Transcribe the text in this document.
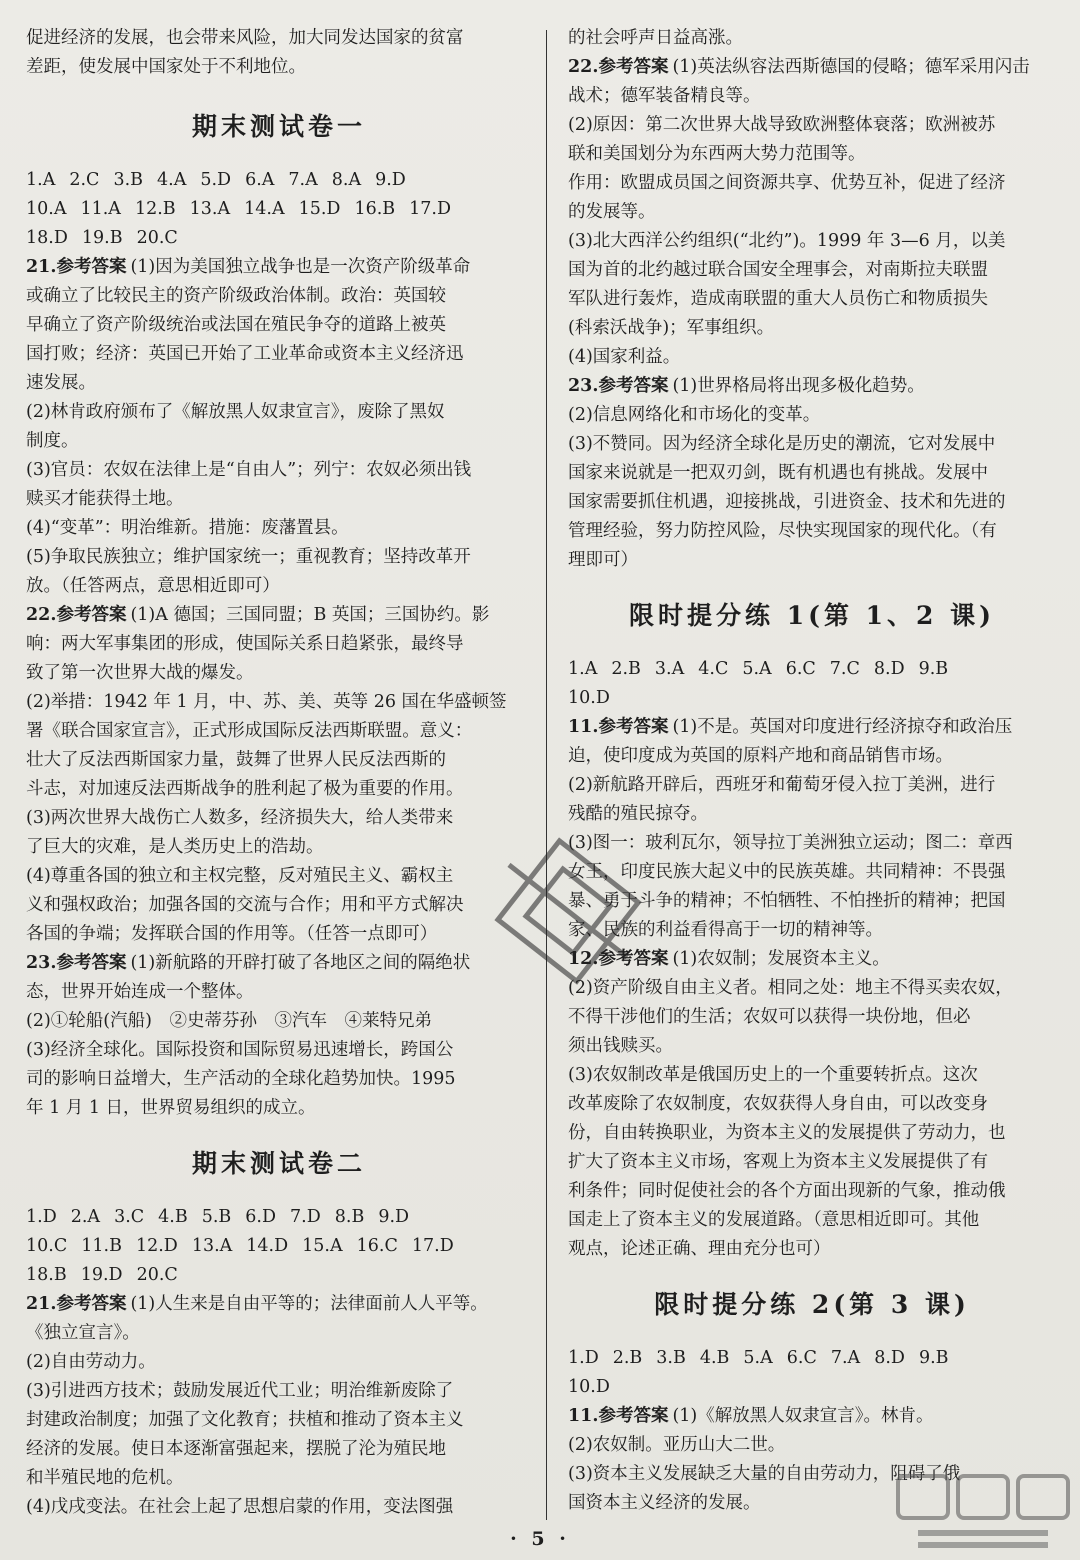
促进经济的发展，也会带来风险，加大同发达国家的贫富
差距，使发展中国家处于不利地位。
期末测试卷一
1.A 2.C 3.B 4.A 5.D 6.A 7.A 8.A 9.D
10.A 11.A 12.B 13.A 14.A 15.D 16.B 17.D
18.D 19.B 20.C
21.参考答案 (1)因为美国独立战争也是一次资产阶级革命
或确立了比较民主的资产阶级政治体制。政治：英国较
早确立了资产阶级统治或法国在殖民争夺的道路上被英
国打败；经济：英国已开始了工业革命或资本主义经济迅
速发展。
(2)林肯政府颁布了《解放黑人奴隶宣言》，废除了黑奴
制度。
(3)官员：农奴在法律上是“自由人”；列宁：农奴必须出钱
赎买才能获得土地。
(4)“变革”：明治维新。措施：废藩置县。
(5)争取民族独立；维护国家统一；重视教育；坚持改革开
放。（任答两点，意思相近即可）
22.参考答案 (1)A 德国；三国同盟；B 英国；三国协约。影
响：两大军事集团的形成，使国际关系日趋紧张，最终导
致了第一次世界大战的爆发。
(2)举措：1942 年 1 月，中、苏、美、英等 26 国在华盛顿签
署《联合国家宣言》，正式形成国际反法西斯联盟。意义：
壮大了反法西斯国家力量，鼓舞了世界人民反法西斯的
斗志，对加速反法西斯战争的胜利起了极为重要的作用。
(3)两次世界大战伤亡人数多，经济损失大，给人类带来
了巨大的灾难，是人类历史上的浩劫。
(4)尊重各国的独立和主权完整，反对殖民主义、霸权主
义和强权政治；加强各国的交流与合作；用和平方式解决
各国的争端；发挥联合国的作用等。（任答一点即可）
23.参考答案 (1)新航路的开辟打破了各地区之间的隔绝状
态，世界开始连成一个整体。
(2)①轮船(汽船)　②史蒂芬孙　③汽车　④莱特兄弟
(3)经济全球化。国际投资和国际贸易迅速增长，跨国公
司的影响日益增大，生产活动的全球化趋势加快。1995
年 1 月 1 日，世界贸易组织的成立。
期末测试卷二
1.D 2.A 3.C 4.B 5.B 6.D 7.D 8.B 9.D
10.C 11.B 12.D 13.A 14.D 15.A 16.C 17.D
18.B 19.D 20.C
21.参考答案 (1)人生来是自由平等的；法律面前人人平等。
《独立宣言》。
(2)自由劳动力。
(3)引进西方技术；鼓励发展近代工业；明治维新废除了
封建政治制度；加强了文化教育；扶植和推动了资本主义
经济的发展。使日本逐渐富强起来，摆脱了沦为殖民地
和半殖民地的危机。
(4)戊戌变法。在社会上起了思想启蒙的作用，变法图强
的社会呼声日益高涨。
22.参考答案 (1)英法纵容法西斯德国的侵略；德军采用闪击
战术；德军装备精良等。
(2)原因：第二次世界大战导致欧洲整体衰落；欧洲被苏
联和美国划分为东西两大势力范围等。
作用：欧盟成员国之间资源共享、优势互补，促进了经济
的发展等。
(3)北大西洋公约组织(“北约”)。1999 年 3—6 月，以美
国为首的北约越过联合国安全理事会，对南斯拉夫联盟
军队进行轰炸，造成南联盟的重大人员伤亡和物质损失
(科索沃战争)；军事组织。
(4)国家利益。
23.参考答案 (1)世界格局将出现多极化趋势。
(2)信息网络化和市场化的变革。
(3)不赞同。因为经济全球化是历史的潮流，它对发展中
国家来说就是一把双刃剑，既有机遇也有挑战。发展中
国家需要抓住机遇，迎接挑战，引进资金、技术和先进的
管理经验，努力防控风险，尽快实现国家的现代化。（有
理即可）
限时提分练 1(第 1、2 课)
1.A 2.B 3.A 4.C 5.A 6.C 7.C 8.D 9.B
10.D
11.参考答案 (1)不是。英国对印度进行经济掠夺和政治压
迫，使印度成为英国的原料产地和商品销售市场。
(2)新航路开辟后，西班牙和葡萄牙侵入拉丁美洲，进行
残酷的殖民掠夺。
(3)图一：玻利瓦尔，领导拉丁美洲独立运动；图二：章西
女王，印度民族大起义中的民族英雄。共同精神：不畏强
暴、勇于斗争的精神；不怕牺牲、不怕挫折的精神；把国
家、民族的利益看得高于一切的精神等。
12.参考答案 (1)农奴制；发展资本主义。
(2)资产阶级自由主义者。相同之处：地主不得买卖农奴，
不得干涉他们的生活；农奴可以获得一块份地，但必
须出钱赎买。
(3)农奴制改革是俄国历史上的一个重要转折点。这次
改革废除了农奴制度，农奴获得人身自由，可以改变身
份，自由转换职业，为资本主义的发展提供了劳动力，也
扩大了资本主义市场，客观上为资本主义发展提供了有
利条件；同时促使社会的各个方面出现新的气象，推动俄
国走上了资本主义的发展道路。（意思相近即可。其他
观点，论述正确、理由充分也可）
限时提分练 2(第 3 课)
1.D 2.B 3.B 4.B 5.A 6.C 7.A 8.D 9.B
10.D
11.参考答案 (1)《解放黑人奴隶宣言》。林肯。
(2)农奴制。亚历山大二世。
(3)资本主义发展缺乏大量的自由劳动力，阻碍了俄
国资本主义经济的发展。
· 5 ·
